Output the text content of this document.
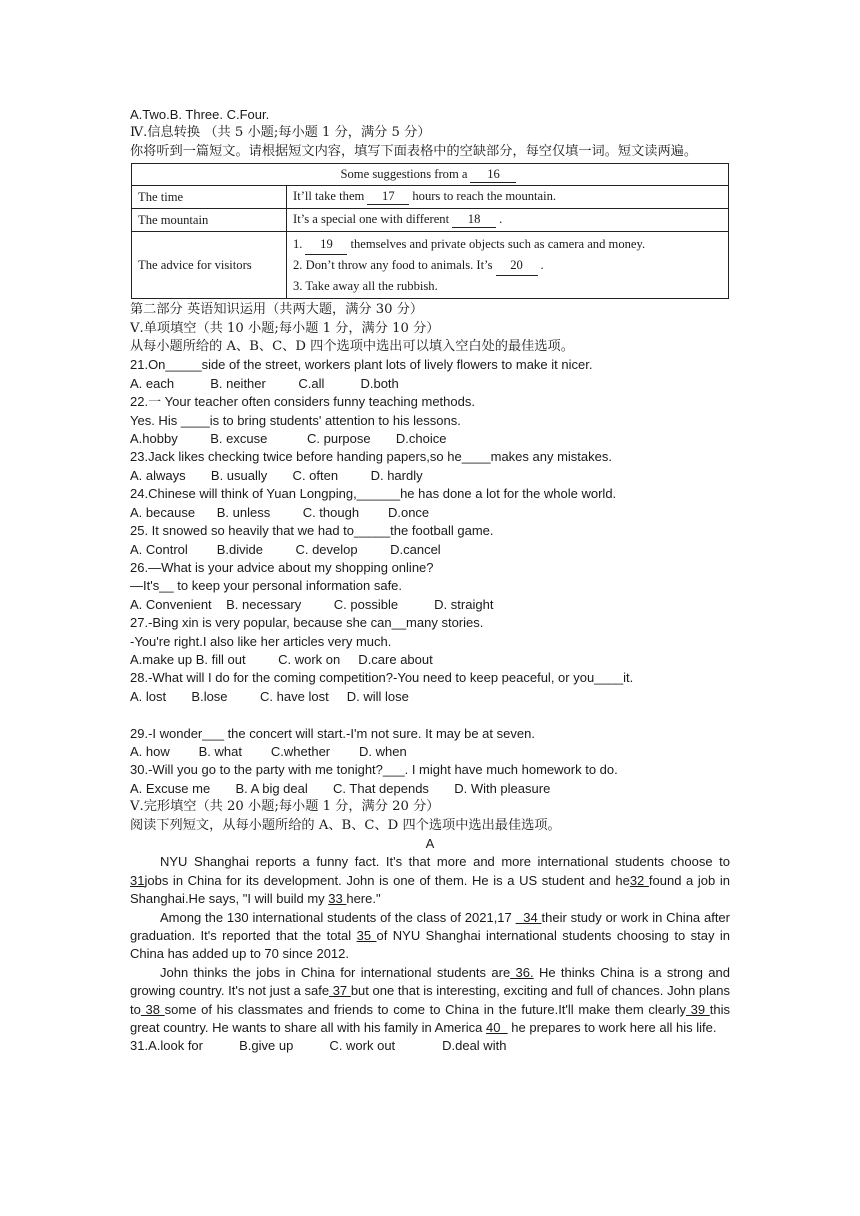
A.Two.B. Three. C.Four.
Ⅳ.信息转换 （共 5 小题;每小题 1 分，满分 5 分）
你将听到一篇短文。请根据短文内容，填写下面表格中的空缺部分，每空仅填一词。短文读两遍。
Some suggestions from a 16	
The time	It’ll take them 17 hours to reach the mountain.
The mountain	It’s a special one with different 18 .
The advice for visitors	1. 19 themselves and private objects such as camera and money.
2. Don’t throw any food to animals. It’s 20 .
3. Take away all the rubbish.
第二部分 英语知识运用（共两大题，满分 30 分）
Ⅴ.单项填空（共 10 小题;每小题 1 分，满分 10 分）
从每小题所给的 A、B、C、D 四个选项中选出可以填入空白处的最佳选项。
21.On_____side of the street, workers plant lots of lively flowers to make it nicer.
A. each          B. neither         C.all          D.both
22.一 Your teacher often considers funny teaching methods.
Yes. His ____is to bring students' attention to his lessons.
A.hobby         B. excuse           C. purpose       D.choice
23.Jack likes checking twice before handing papers,so he____makes any mistakes.
A. always       B. usually       C. often         D. hardly
24.Chinese will think of Yuan Longping,______he has done a lot for the whole world.
A. because      B. unless         C. though        D.once
25. It snowed so heavily that we had to_____the football game.
A. Control        B.divide         C. develop         D.cancel
26.—What is your advice about my shopping online?
—It's__ to keep your personal information safe.
A. Convenient    B. necessary         C. possible          D. straight
27.-Bing xin is very popular, because she can__many stories.
-You're right.I also like her articles very much.
A.make up B. fill out         C. work on     D.care about
28.-What will I do for the coming competition?-You need to keep peaceful, or you____it.
A. lost       B.lose         C. have lost     D. will lose
29.-I wonder___ the concert will start.-I'm not sure. It may be at seven.
A. how        B. what        C.whether        D. when
30.-Will you go to the party with me tonight?___. I might have much homework to do.
A. Excuse me       B. A big deal       C. That depends       D. With pleasure
Ⅴ.完形填空（共 20 小题;每小题 1 分，满分 20 分）
阅读下列短文，从每小题所给的 A、B、C、D 四个选项中选出最佳选项。
A
NYU Shanghai reports a funny fact. It's that more and more international students choose to 31jobs in China for its development. John is one of them. He is a US student and he32 found a job in Shanghai.He says, "I will build my 33 here."
Among the 130 international students of the class of 2021,17   34 their study or work in China after graduation. It's reported that the total 35 of NYU Shanghai international students choosing to stay in China has added up to 70 since 2012.
John thinks the jobs in China for international students are 36. He thinks China is a strong and growing country. It's not just a safe 37 but one that is interesting, exciting and full of chances. John plans to 38 some of his classmates and friends to come to China in the future.It'll make them clearly 39 this great country. He wants to share all with his family in America 40   he prepares to work here all his life.
31.A.look for          B.give up          C. work out             D.deal with
